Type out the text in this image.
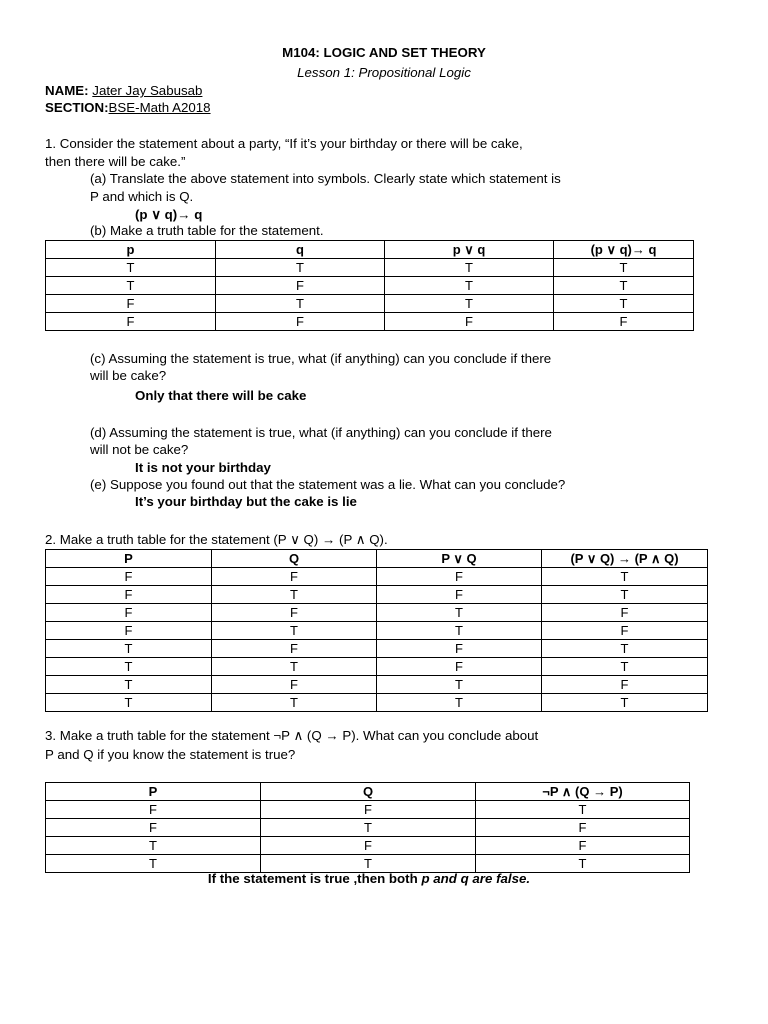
M104: LOGIC AND SET THEORY
Lesson 1: Propositional Logic
NAME: Jater Jay Sabusab
SECTION:BSE-Math A2018
1. Consider the statement about a party, “If it’s your birthday or there will be cake,
then there will be cake.”
(a) Translate the above statement into symbols. Clearly state which statement is
P and which is Q.
(p ∨ q)→ q
(b) Make a truth table for the statement.
p	q	p ∨ q	(p ∨ q)→ q
T	T	T	T
T	F	T	T
F	T	T	T
F	F	F	F
(c) Assuming the statement is true, what (if anything) can you conclude if there
will be cake?
Only that there will be cake
(d) Assuming the statement is true, what (if anything) can you conclude if there
will not be cake?
It is not your birthday
(e) Suppose you found out that the statement was a lie. What can you conclude?
It’s your birthday but the cake is lie
2. Make a truth table for the statement (P ∨ Q) → (P ∧ Q).
P	Q	P ∨ Q	(P ∨ Q) → (P ∧ Q)
F	F	F	T
F	T	F	T
F	F	T	F
F	T	T	F
T	F	F	T
T	T	F	T
T	F	T	F
T	T	T	T
3. Make a truth table for the statement ¬P ∧ (Q → P). What can you conclude about
P and Q if you know the statement is true?
P	Q	¬P ∧ (Q → P)
F	F	T
F	T	F
T	F	F
T	T	T
If the statement is true ,then both p and q are false.
